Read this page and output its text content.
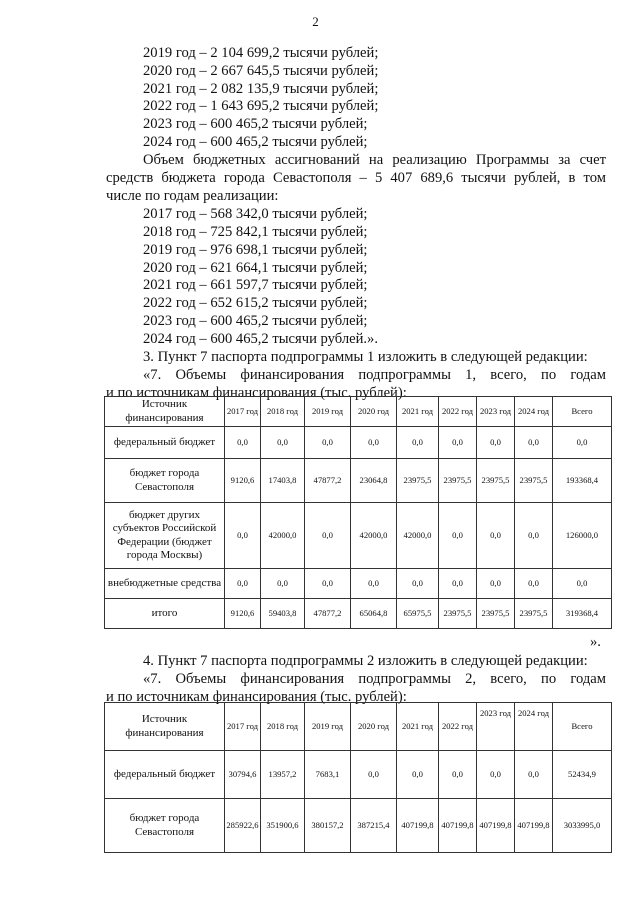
2
2019 год – 2 104 699,2 тысячи рублей;
2020 год – 2 667 645,5 тысячи рублей;
2021 год – 2 082 135,9 тысячи рублей;
2022 год – 1 643 695,2 тысячи рублей;
2023 год – 600 465,2 тысячи рублей;
2024 год – 600 465,2 тысячи рублей;
Объем бюджетных ассигнований на реализацию Программы за счет
средств бюджета города Севастополя – 5 407 689,6 тысячи рублей, в том
числе по годам реализации:
2017 год – 568 342,0 тысячи рублей;
2018 год – 725 842,1 тысячи рублей;
2019 год – 976 698,1 тысячи рублей;
2020 год – 621 664,1 тысячи рублей;
2021 год – 661 597,7 тысячи рублей;
2022 год – 652 615,2 тысячи рублей;
2023 год – 600 465,2 тысячи рублей;
2024 год – 600 465,2 тысячи рублей.».
3. Пункт 7 паспорта подпрограммы 1 изложить в следующей редакции:
«7. Объемы финансирования подпрограммы 1, всего, по годам
и по источникам финансирования (тыс. рублей):
Источник финансирования	2017 год	2018 год	2019 год	2020 год	2021 год	2022 год	2023 год	2024 год	Всего
федеральный бюджет	0,0	0,0	0,0	0,0	0,0	0,0	0,0	0,0	0,0
бюджет города Севастополя	9120,6	17403,8	47877,2	23064,8	23975,5	23975,5	23975,5	23975,5	193368,4
бюджет других субъектов Российской Федерации (бюджет города Москвы)	0,0	42000,0	0,0	42000,0	42000,0	0,0	0,0	0,0	126000,0
внебюджетные средства	0,0	0,0	0,0	0,0	0,0	0,0	0,0	0,0	0,0
итого	9120,6	59403,8	47877,2	65064,8	65975,5	23975,5	23975,5	23975,5	319368,4
».
4. Пункт 7 паспорта подпрограммы 2 изложить в следующей редакции:
«7. Объемы финансирования подпрограммы 2, всего, по годам
и по источникам финансирования (тыс. рублей):
Источник финансирования	2017 год	2018 год	2019 год	2020 год	2021 год	2022 год	2023 год	2024 год	Всего
федеральный бюджет	30794,6	13957,2	7683,1	0,0	0,0	0,0	0,0	0,0	52434,9
бюджет города Севастополя	285922,6	351900,6	380157,2	387215,4	407199,8	407199,8	407199,8	407199,8	3033995,0
